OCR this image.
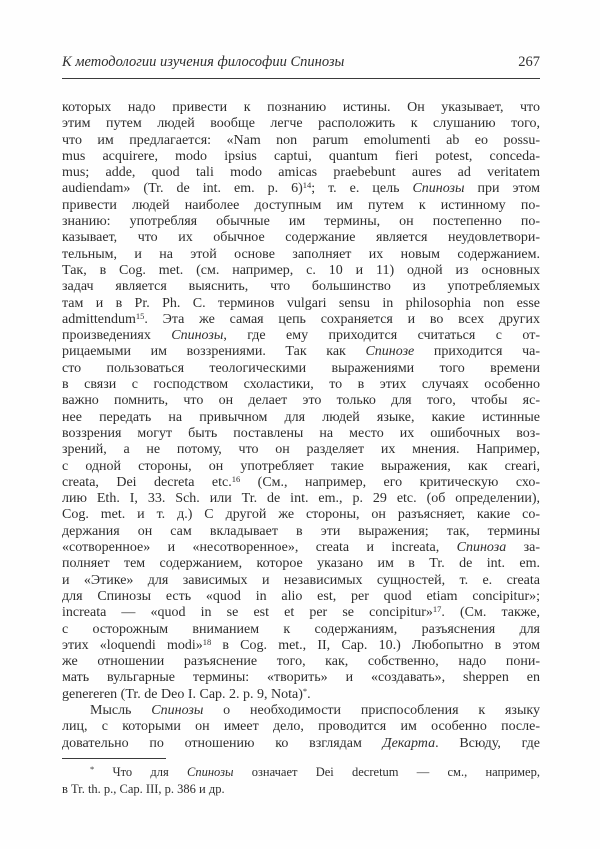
К методологии изучения философии Спинозы	267
которых надо привести к познанию истины. Он указывает, что
этим путем людей вообще легче расположить к слушанию того,
что им предлагается: «Nam non parum emolumenti ab eo possu-
mus acquirere, modo ipsius captui, quantum fieri potest, conceda-
mus; adde, quod tali modo amicas praebebunt aures ad veritatem
audiendam» (Tr. de int. em. p. 6)$^{14}$; т. е. цель Спинозы при этом
привести людей наиболее доступным им путем к истинному по-
знанию: употребляя обычные им термины, он постепенно по-
казывает, что их обычное содержание является неудовлетвори-
тельным, и на этой основе заполняет их новым содержанием.
Так, в Cog. met. (см. например, с. 10 и 11) одной из основных
задач является выяснить, что большинство из употребляемых
там и в Pr. Ph. C. терминов vulgari sensu in philosophia non esse
admittendum$^{15}$. Эта же самая цепь сохраняется и во всех других
произведениях Спинозы, где ему приходится считаться с от-
рицаемыми им воззрениями. Так как Спинозе приходится ча-
сто пользоваться теологическими выражениями того времени
в связи с господством схоластики, то в этих случаях особенно
важно помнить, что он делает это только для того, чтобы яс-
нее передать на привычном для людей языке, какие истинные
воззрения могут быть поставлены на место их ошибочных воз-
зрений, а не потому, что он разделяет их мнения. Например,
с одной стороны, он употребляет такие выражения, как creari,
creata, Dei decreta etc.$^{16}$ (См., например, его критическую схо-
лию Eth. I, 33. Sch. или Tr. de int. em., p. 29 etc. (об определении),
Cog. met. и т. д.) С другой же стороны, он разъясняет, какие со-
держания он сам вкладывает в эти выражения; так, термины
«сотворенное» и «несотворенное», creata и increata, Спиноза за-
полняет тем содержанием, которое указано им в Tr. de int. em.
и «Этике» для зависимых и независимых сущностей, т. е. creata
для Спинозы есть «quod in alio est, per quod etiam concipitur»;
increata — «quod in se est et per se concipitur»$^{17}$. (См. также,
с осторожным вниманием к содержаниям, разъяснения для
этих «loquendi modi»$^{18}$ в Cog. met., II, Cap. 10.) Любопытно в этом
же отношении разъяснение того, как, собственно, надо пони-
мать вульгарные термины: «творить» и «создавать», sheppen en
genereren (Tr. de Deo I. Cap. 2. p. 9, Nota)*.
Мысль Спинозы о необходимости приспособления к языку
лиц, с которыми он имеет дело, проводится им особенно после-
довательно по отношению ко взглядам Декарта. Всюду, где
* Что для Спинозы означает Dei decretum — см., например,
в Tr. th. p., Cap. III, p. 386 и др.
